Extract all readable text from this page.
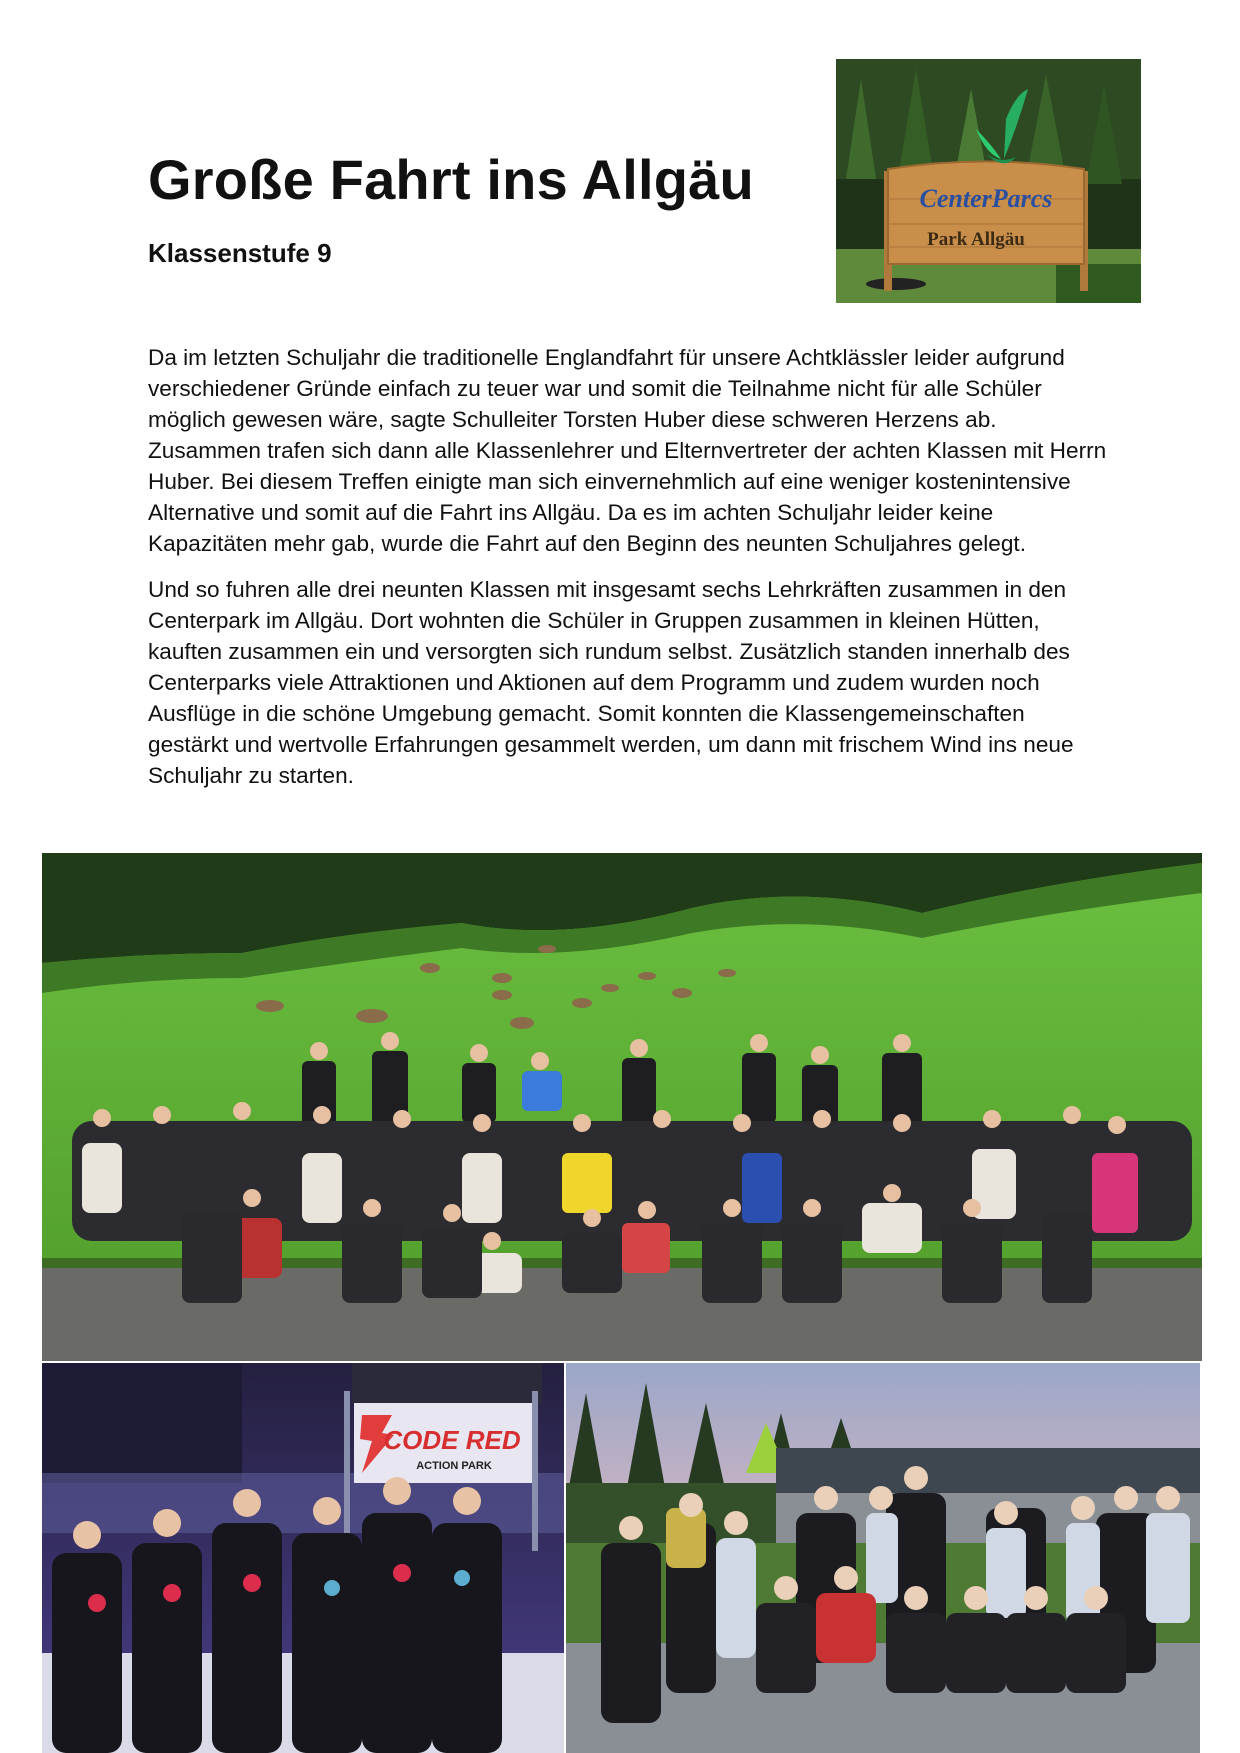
Große Fahrt ins Allgäu
Klassenstufe 9
CenterParcs
Park Allgäu

Da im letzten Schuljahr die traditionelle Englandfahrt für unsere Achtklässler leider aufgrund verschiedener Gründe einfach zu teuer war und somit die Teilnahme nicht für alle Schüler möglich gewesen wäre, sagte Schulleiter Torsten Huber diese schweren Herzens ab. Zusammen trafen sich dann alle Klassenlehrer und Elternvertreter der achten Klassen mit Herrn Huber. Bei diesem Treffen einigte man sich einvernehmlich auf eine weniger kostenintensive Alternative und somit auf die Fahrt ins Allgäu. Da es im achten Schuljahr leider keine Kapazitäten mehr gab, wurde die Fahrt auf den Beginn des neunten Schuljahres gelegt.

Und so fuhren alle drei neunten Klassen mit insgesamt sechs Lehrkräften zusammen in den Centerpark im Allgäu. Dort wohnten die Schüler in Gruppen zusammen in kleinen Hütten, kauften zusammen ein und versorgten sich rundum selbst. Zusätzlich standen innerhalb des Centerparks viele Attraktionen und Aktionen auf dem Programm und zudem wurden noch Ausflüge in die schöne Umgebung gemacht. Somit konnten die Klassengemeinschaften gestärkt und wertvolle Erfahrungen gesammelt werden, um dann mit frischem Wind ins neue Schuljahr zu starten.

CODE RED
ACTION PARK
